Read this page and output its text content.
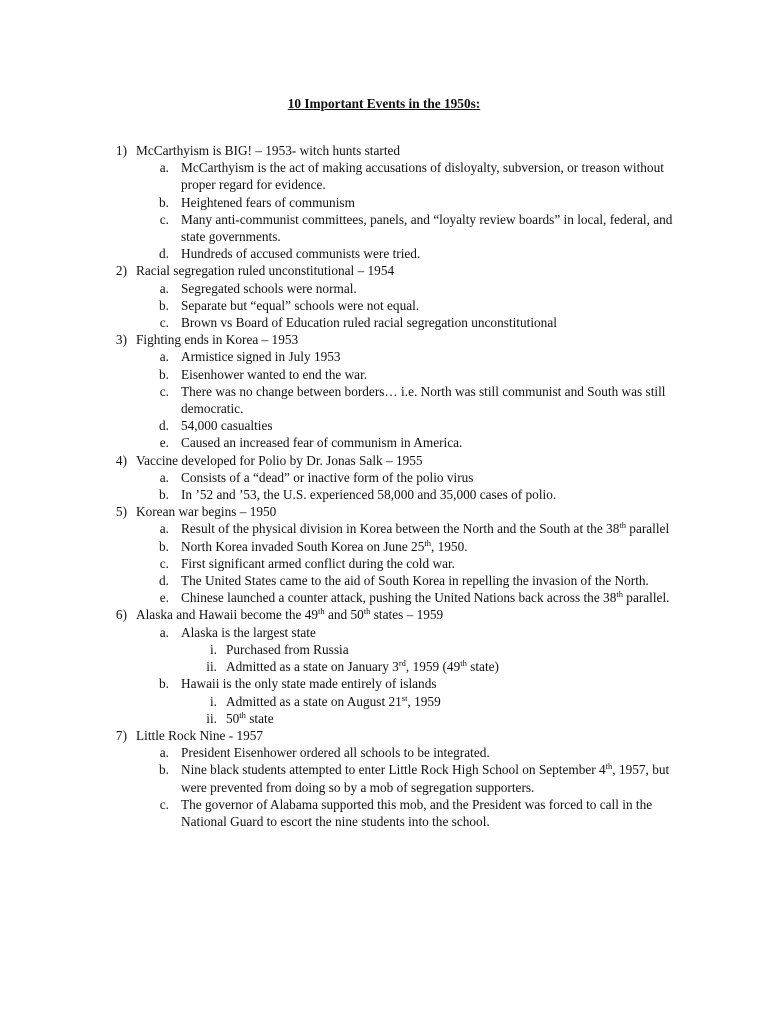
10 Important Events in the 1950s:
1) McCarthyism is BIG! – 1953- witch hunts started
a. McCarthyism is the act of making accusations of disloyalty, subversion, or treason without proper regard for evidence.
b. Heightened fears of communism
c. Many anti-communist committees, panels, and “loyalty review boards” in local, federal, and state governments.
d. Hundreds of accused communists were tried.
2) Racial segregation ruled unconstitutional – 1954
a. Segregated schools were normal.
b. Separate but “equal” schools were not equal.
c. Brown vs Board of Education ruled racial segregation unconstitutional
3) Fighting ends in Korea – 1953
a. Armistice signed in July 1953
b. Eisenhower wanted to end the war.
c. There was no change between borders… i.e. North was still communist and South was still democratic.
d. 54,000 casualties
e. Caused an increased fear of communism in America.
4) Vaccine developed for Polio by Dr. Jonas Salk – 1955
a. Consists of a “dead” or inactive form of the polio virus
b. In ’52 and ’53, the U.S. experienced 58,000 and 35,000 cases of polio.
5) Korean war begins – 1950
a. Result of the physical division in Korea between the North and the South at the 38th parallel
b. North Korea invaded South Korea on June 25th, 1950.
c. First significant armed conflict during the cold war.
d. The United States came to the aid of South Korea in repelling the invasion of the North.
e. Chinese launched a counter attack, pushing the United Nations back across the 38th parallel.
6) Alaska and Hawaii become the 49th and 50th states – 1959
a. Alaska is the largest state
i. Purchased from Russia
ii. Admitted as a state on January 3rd, 1959 (49th state)
b. Hawaii is the only state made entirely of islands
i. Admitted as a state on August 21st, 1959
ii. 50th state
7) Little Rock Nine - 1957
a. President Eisenhower ordered all schools to be integrated.
b. Nine black students attempted to enter Little Rock High School on September 4th, 1957, but were prevented from doing so by a mob of segregation supporters.
c. The governor of Alabama supported this mob, and the President was forced to call in the National Guard to escort the nine students into the school.
